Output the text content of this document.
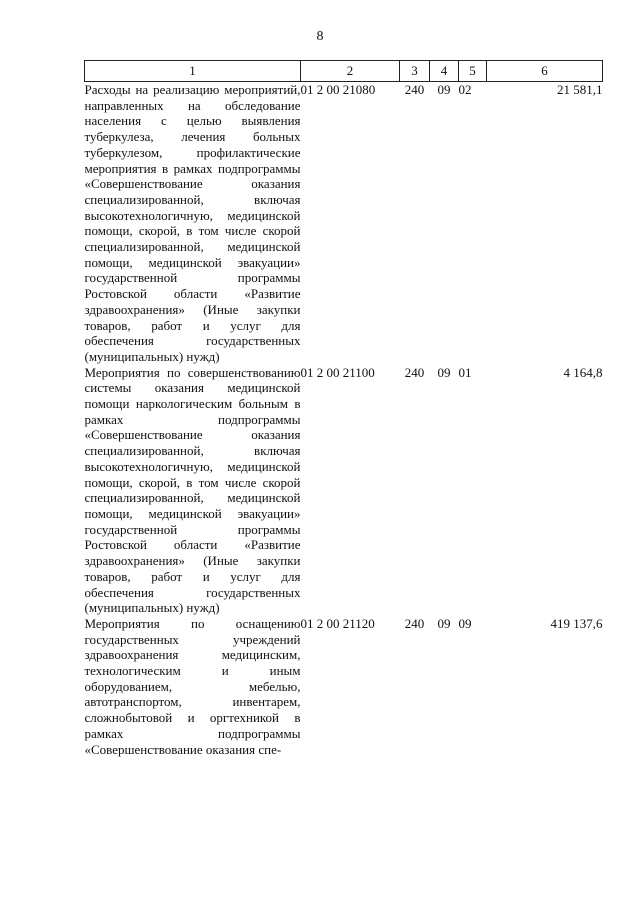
8
1	2	3	4	5	6
Расходы на реализацию мероприятий, направленных на обследование населения с целью выявления туберкулеза, лечения больных туберкулезом, профилактические мероприятия в рамках подпрограммы «Совершенствование оказания специализированной, включая высокотехнологичную, медицинской помощи, скорой, в том числе скорой специализированной, медицинской помощи, медицинской эвакуации» государственной программы Ростовской области «Развитие здравоохранения» (Иные закупки товаров, работ и услуг для обеспечения государственных (муниципальных) нужд)	01 2 00 21080	240	09	02	21 581,1
Мероприятия по совершенствованию системы оказания медицинской помощи наркологическим больным в рамках подпрограммы «Совершенствование оказания специализированной, включая высокотехнологичную, медицинской помощи, скорой, в том числе скорой специализированной, медицинской помощи, медицинской эвакуации» государственной программы Ростовской области «Развитие здравоохранения» (Иные закупки товаров, работ и услуг для обеспечения государственных (муниципальных) нужд)	01 2 00 21100	240	09	01	4 164,8
Мероприятия по оснащению государственных учреждений здравоохранения медицинским, технологическим и иным оборудованием, мебелью, автотранспортом, инвентарем, сложнобытовой и оргтехникой в рамках подпрограммы «Совершенствование оказания спе-	01 2 00 21120	240	09	09	419 137,6
